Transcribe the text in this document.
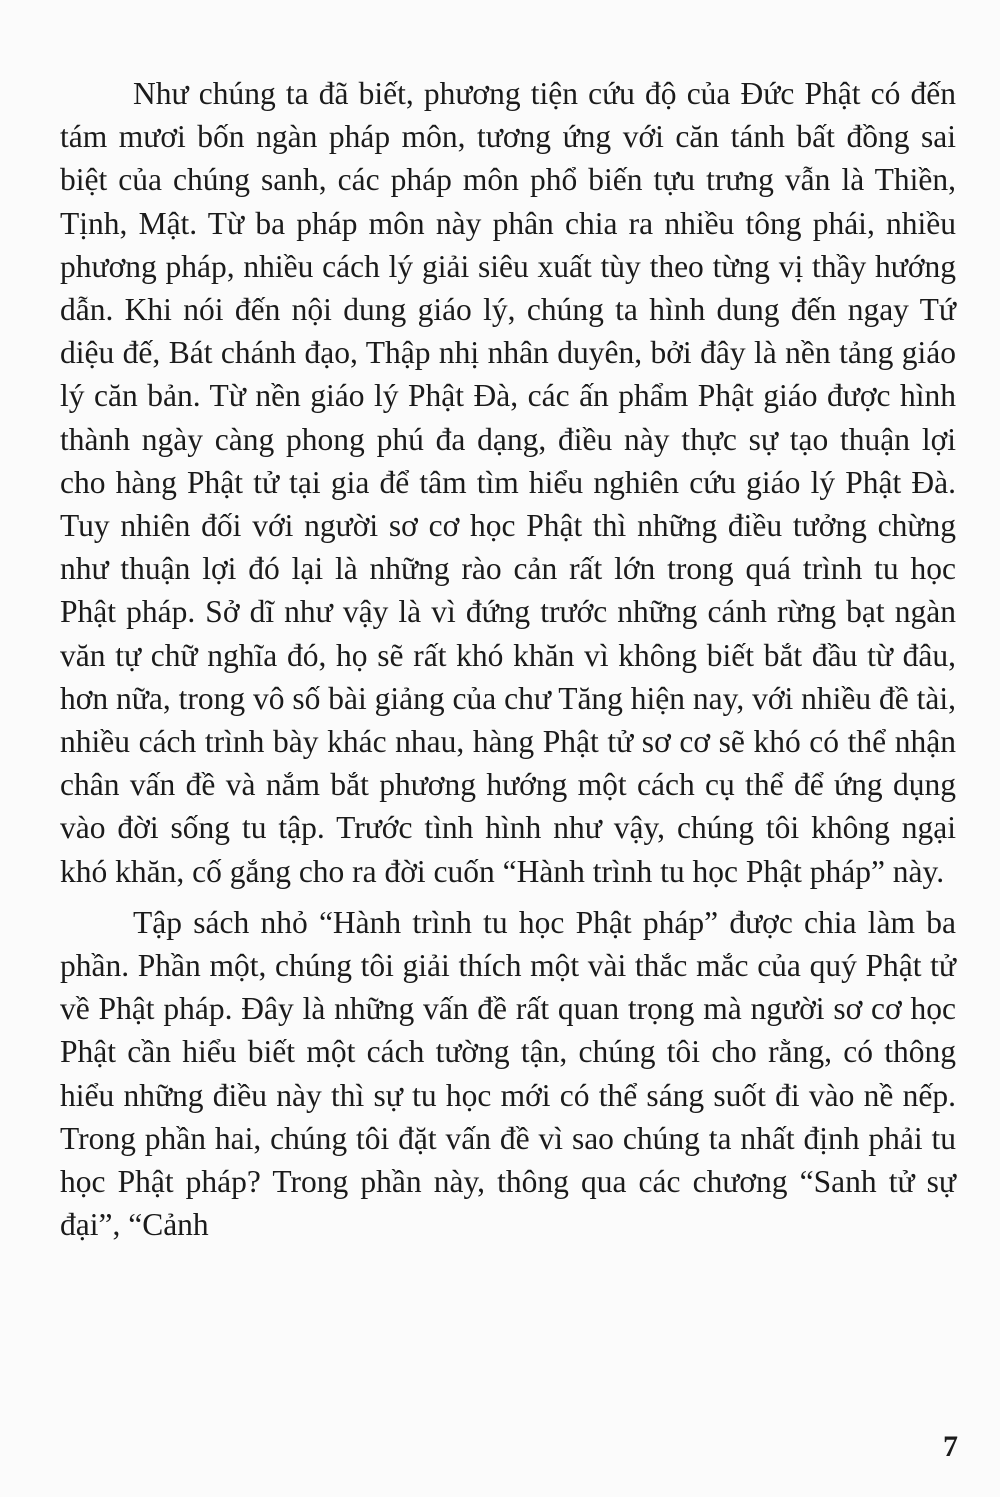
Như chúng ta đã biết, phương tiện cứu độ của Đức Phật có đến tám mươi bốn ngàn pháp môn, tương ứng với căn tánh bất đồng sai biệt của chúng sanh, các pháp môn phổ biến tựu trưng vẫn là Thiền, Tịnh, Mật. Từ ba pháp môn này phân chia ra nhiều tông phái, nhiều phương pháp, nhiều cách lý giải siêu xuất tùy theo từng vị thầy hướng dẫn. Khi nói đến nội dung giáo lý, chúng ta hình dung đến ngay Tứ diệu đế, Bát chánh đạo, Thập nhị nhân duyên, bởi đây là nền tảng giáo lý căn bản. Từ nền giáo lý Phật Đà, các ấn phẩm Phật giáo được hình thành ngày càng phong phú đa dạng, điều này thực sự tạo thuận lợi cho hàng Phật tử tại gia để tâm tìm hiểu nghiên cứu giáo lý Phật Đà. Tuy nhiên đối với người sơ cơ học Phật thì những điều tưởng chừng như thuận lợi đó lại là những rào cản rất lớn trong quá trình tu học Phật pháp. Sở dĩ như vậy là vì đứng trước những cánh rừng bạt ngàn văn tự chữ nghĩa đó, họ sẽ rất khó khăn vì không biết bắt đầu từ đâu, hơn nữa, trong vô số bài giảng của chư Tăng hiện nay, với nhiều đề tài, nhiều cách trình bày khác nhau, hàng Phật tử sơ cơ sẽ khó có thể nhận chân vấn đề và nắm bắt phương hướng một cách cụ thể để ứng dụng vào đời sống tu tập. Trước tình hình như vậy, chúng tôi không ngại khó khăn, cố gắng cho ra đời cuốn “Hành trình tu học Phật pháp” này.

Tập sách nhỏ “Hành trình tu học Phật pháp” được chia làm ba phần. Phần một, chúng tôi giải thích một vài thắc mắc của quý Phật tử về Phật pháp. Đây là những vấn đề rất quan trọng mà người sơ cơ học Phật cần hiểu biết một cách tường tận, chúng tôi cho rằng, có thông hiểu những điều này thì sự tu học mới có thể sáng suốt đi vào nề nếp. Trong phần hai, chúng tôi đặt vấn đề vì sao chúng ta nhất định phải tu học Phật pháp? Trong phần này, thông qua các chương “Sanh tử sự đại”, “Cảnh

7
